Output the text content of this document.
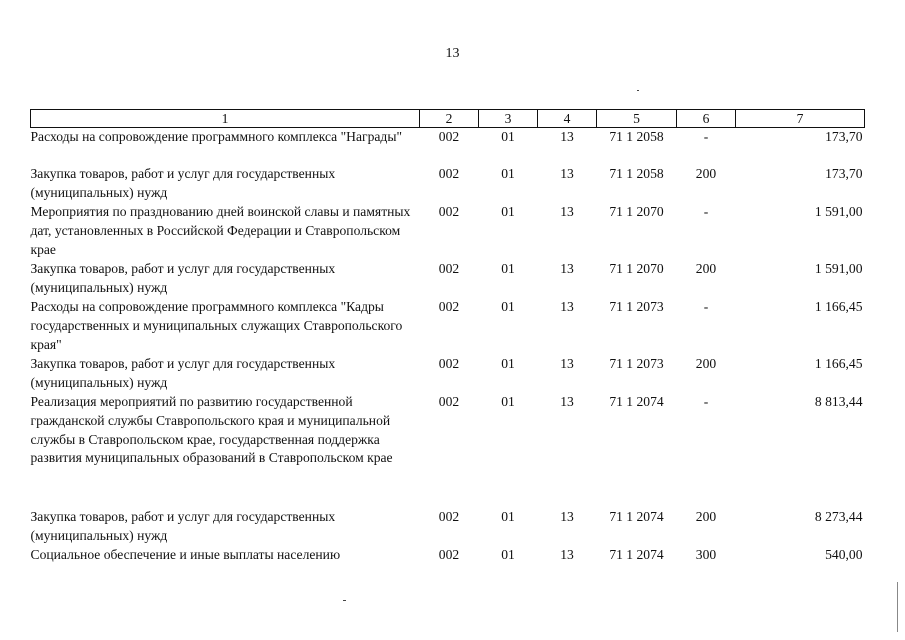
13
1	2	3	4	5	6	7
Расходы на сопровождение программного комплекса "Награды"	002	01	13	71 1 2058	-	173,70
Закупка товаров, работ и услуг для государственных (муниципальных) нужд	002	01	13	71 1 2058	200	173,70
Мероприятия по празднованию дней воинской славы и памятных дат, установленных в Российской Федерации и Ставропольском крае	002	01	13	71 1 2070	-	1 591,00
Закупка товаров, работ и услуг для государственных (муниципальных) нужд	002	01	13	71 1 2070	200	1 591,00
Расходы на сопровождение программного комплекса "Кадры государственных и муниципальных служащих Ставропольского края"	002	01	13	71 1 2073	-	1 166,45
Закупка товаров, работ и услуг для государственных (муниципальных) нужд	002	01	13	71 1 2073	200	1 166,45
Реализация мероприятий по развитию государственной гражданской службы Ставропольского края и муниципальной службы в Ставропольском крае, государственная поддержка развития муниципальных образований в Ставропольском крае	002	01	13	71 1 2074	-	8 813,44
Закупка товаров, работ и услуг для государственных (муниципальных) нужд	002	01	13	71 1 2074	200	8 273,44
Социальное обеспечение и иные выплаты населению	002	01	13	71 1 2074	300	540,00
